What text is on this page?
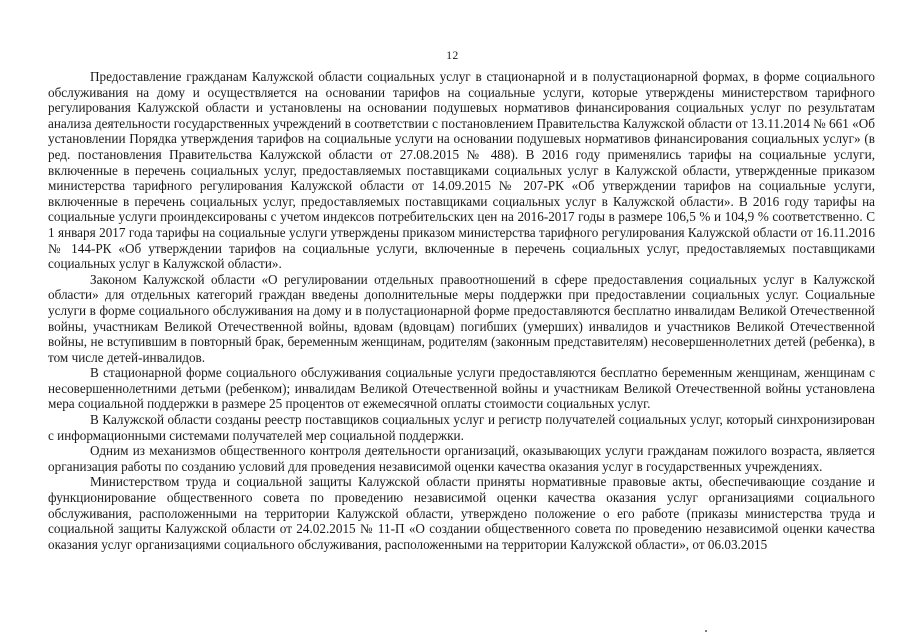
12

Предоставление гражданам Калужской области социальных услуг в стационарной и в полустационарной формах, в форме социального обслуживания на дому и осуществляется на основании тарифов на социальные услуги, которые утверждены министерством тарифного регулирования Калужской области и установлены на основании подушевых нормативов финансирования социальных услуг по результатам анализа деятельности государственных учреждений в соответствии с постановлением Правительства Калужской области от 13.11.2014 № 661 «Об установлении Порядка утверждения тарифов на социальные услуги на основании подушевых нормативов финансирования социальных услуг» (в ред. постановления Правительства Калужской области от 27.08.2015 № 488). В 2016 году применялись тарифы на социальные услуги, включенные в перечень социальных услуг, предоставляемых поставщиками социальных услуг в Калужской области, утвержденные приказом министерства тарифного регулирования Калужской области от 14.09.2015 № 207-РК «Об утверждении тарифов на социальные услуги, включенные в перечень социальных услуг, предоставляемых поставщиками социальных услуг в Калужской области». В 2016 году тарифы на социальные услуги проиндексированы с учетом индексов потребительских цен на 2016-2017 годы в размере 106,5 % и 104,9 % соответственно. С 1 января 2017 года тарифы на социальные услуги утверждены приказом министерства тарифного регулирования Калужской области от 16.11.2016 № 144-РК «Об утверждении тарифов на социальные услуги, включенные в перечень социальных услуг, предоставляемых поставщиками социальных услуг в Калужской области».

Законом Калужской области «О регулировании отдельных правоотношений в сфере предоставления социальных услуг в Калужской области» для отдельных категорий граждан введены дополнительные меры поддержки при предоставлении социальных услуг. Социальные услуги в форме социального обслуживания на дому и в полустационарной форме предоставляются бесплатно инвалидам Великой Отечественной войны, участникам Великой Отечественной войны, вдовам (вдовцам) погибших (умерших) инвалидов и участников Великой Отечественной войны, не вступившим в повторный брак, беременным женщинам, родителям (законным представителям) несовершеннолетних детей (ребенка), в том числе детей-инвалидов.

В стационарной форме социального обслуживания социальные услуги предоставляются бесплатно беременным женщинам, женщинам с несовершеннолетними детьми (ребенком); инвалидам Великой Отечественной войны и участникам Великой Отечественной войны установлена мера социальной поддержки в размере 25 процентов от ежемесячной оплаты стоимости социальных услуг.

В Калужской области созданы реестр поставщиков социальных услуг и регистр получателей социальных услуг, который синхронизирован с информационными системами получателей мер социальной поддержки.

Одним из механизмов общественного контроля деятельности организаций, оказывающих услуги гражданам пожилого возраста, является организация работы по созданию условий для проведения независимой оценки качества оказания услуг в государственных учреждениях.

Министерством труда и социальной защиты Калужской области приняты нормативные правовые акты, обеспечивающие создание и функционирование общественного совета по проведению независимой оценки качества оказания услуг организациями социального обслуживания, расположенными на территории Калужской области, утверждено положение о его работе (приказы министерства труда и социальной защиты Калужской области от 24.02.2015 № 11-П «О создании общественного совета по проведению независимой оценки качества оказания услуг организациями социального обслуживания, расположенными на территории Калужской области», от 06.03.2015
